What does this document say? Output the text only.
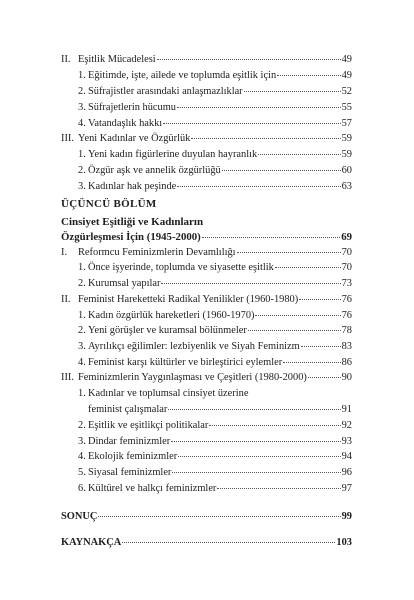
II. Eşitlik Mücadelesi	49
1. Eğitimde, işte, ailede ve toplumda eşitlik için	49
2. Süfrajistler arasındaki anlaşmazlıklar	52
3. Süfrajetlerin hücumu	55
4. Vatandaşlık hakkı	57
III. Yeni Kadınlar ve Özgürlük	59
1. Yeni kadın figürlerine duyulan hayranlık	59
2. Özgür aşk ve annelik özgürlüğü	60
3. Kadınlar hak peşinde	63
ÜÇÜNCÜ BÖLÜM
Cinsiyet Eşitliği ve Kadınların
Özgürleşmesi İçin (1945-2000)	69
I.	Reformcu Feminizmlerin Devamlılığı	70
1. Önce işyerinde, toplumda ve siyasette eşitlik	70
2. Kurumsal yapılar	73
II. Feminist Hareketteki Radikal Yenilikler (1960-1980)	76
1. Kadın özgürlük hareketleri (1960-1970)	76
2. Yeni görüşler ve kuramsal bölünmeler	78
3. Ayrılıkçı eğilimler: lezbiyenlik ve Siyah Feminizm	83
4. Feminist karşı kültürler ve birleştirici eylemler	86
III. Feminizmlerin Yaygınlaşması ve Çeşitleri (1980-2000)	90
1. Kadınlar ve toplumsal cinsiyet üzerine
feminist çalışmalar	91
2. Eşitlik ve eşitlikçi politikalar	92
3. Dindar feminizmler	93
4. Ekolojik feminizmler	94
5. Siyasal feminizmler	96
6. Kültürel ve halkçı feminizmler	97
SONUÇ	99
KAYNAKÇA	103
